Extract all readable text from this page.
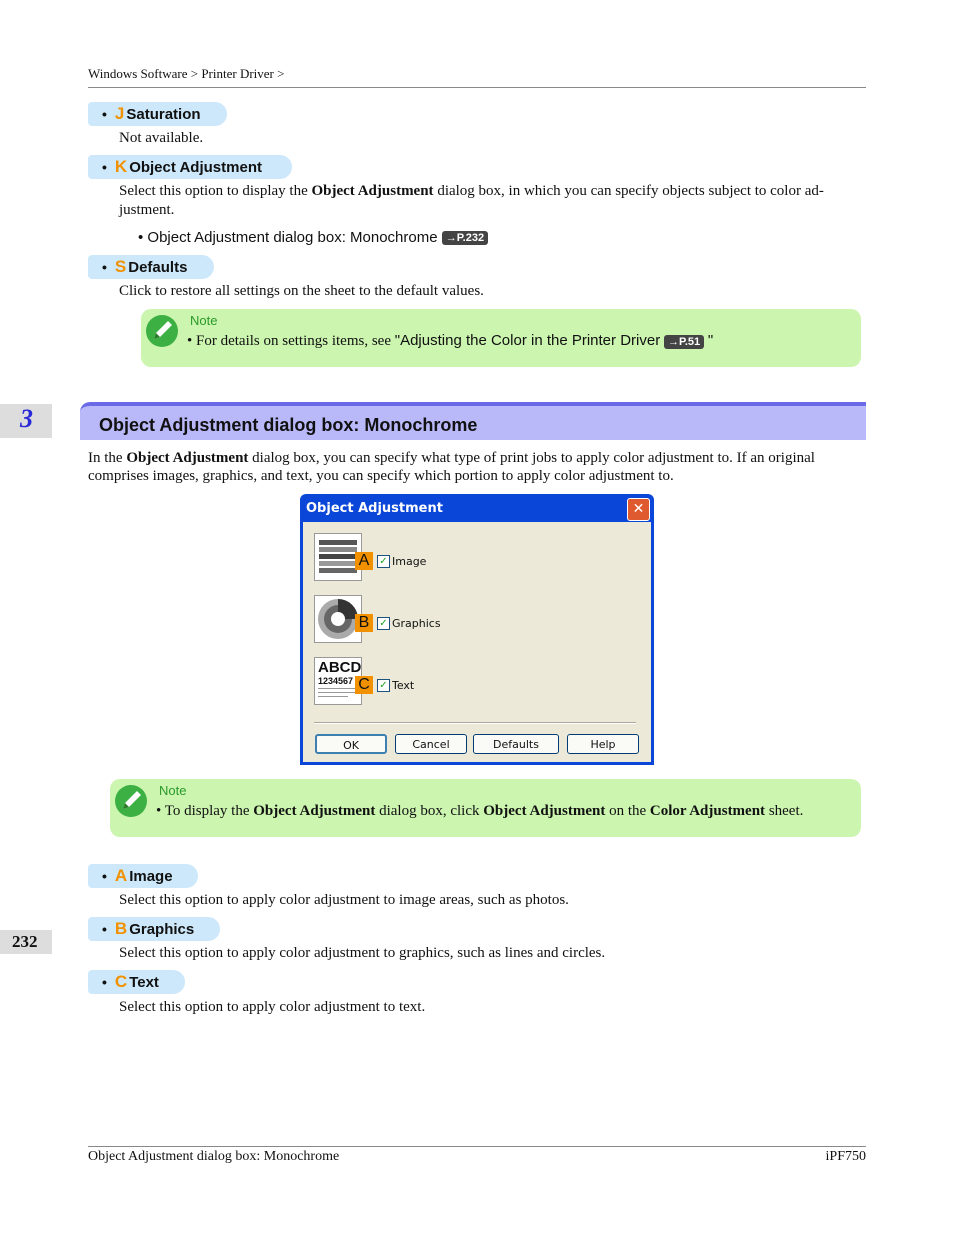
Windows Software > Printer Driver >
• J Saturation
Not available.
• K Object Adjustment
Select this option to display the Object Adjustment dialog box, in which you can specify objects subject to color ad-justment.
• Object Adjustment dialog box: Monochrome →P.232
• S Defaults
Click to restore all settings on the sheet to the default values.
Note
• For details on settings items, see "Adjusting the Color in the Printer Driver →P.51 "
3	Object Adjustment dialog box: Monochrome
In the Object Adjustment dialog box, you can specify what type of print jobs to apply color adjustment to. If an original comprises images, graphics, and text, you can specify which portion to apply color adjustment to.
Object Adjustment	✕
A ✓ Image
B ✓ Graphics
ABCD
1234567 C ✓ Text
OK	Cancel	Defaults	Help
Note
• To display the Object Adjustment dialog box, click Object Adjustment on the Color Adjustment sheet.
• A Image
Select this option to apply color adjustment to image areas, such as photos.
• B Graphics
Select this option to apply color adjustment to graphics, such as lines and circles.
• C Text
Select this option to apply color adjustment to text.
232
Object Adjustment dialog box: Monochrome	iPF750
